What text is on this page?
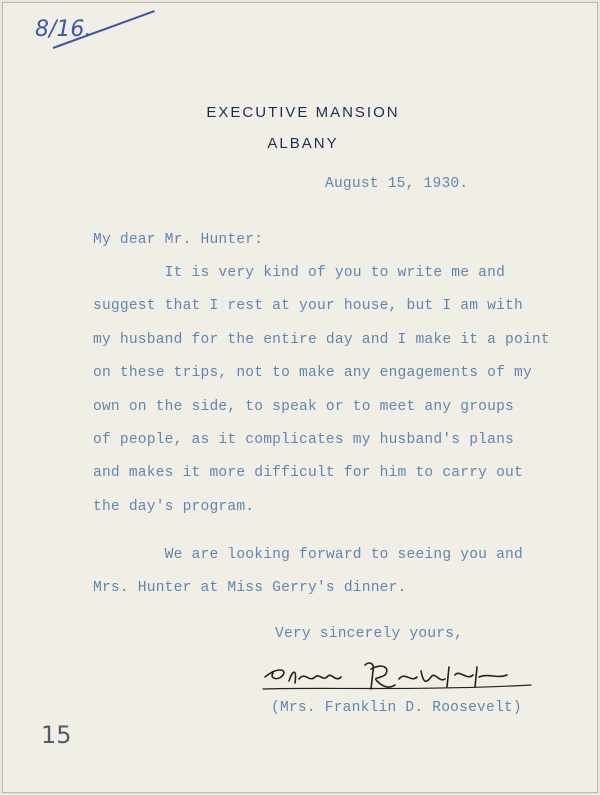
8/16.
EXECUTIVE MANSION
ALBANY
August 15, 1930.
My dear Mr. Hunter:
It is very kind of you to write me and
suggest that I rest at your house, but I am with
my husband for the entire day and I make it a point
on these trips, not to make any engagements of my
own on the side, to speak or to meet any groups
of people, as it complicates my husband's plans
and makes it more difficult for him to carry out
the day's program.
We are looking forward to seeing you and
Mrs. Hunter at Miss Gerry's dinner.
Very sincerely yours,
(Mrs. Franklin D. Roosevelt)
15
